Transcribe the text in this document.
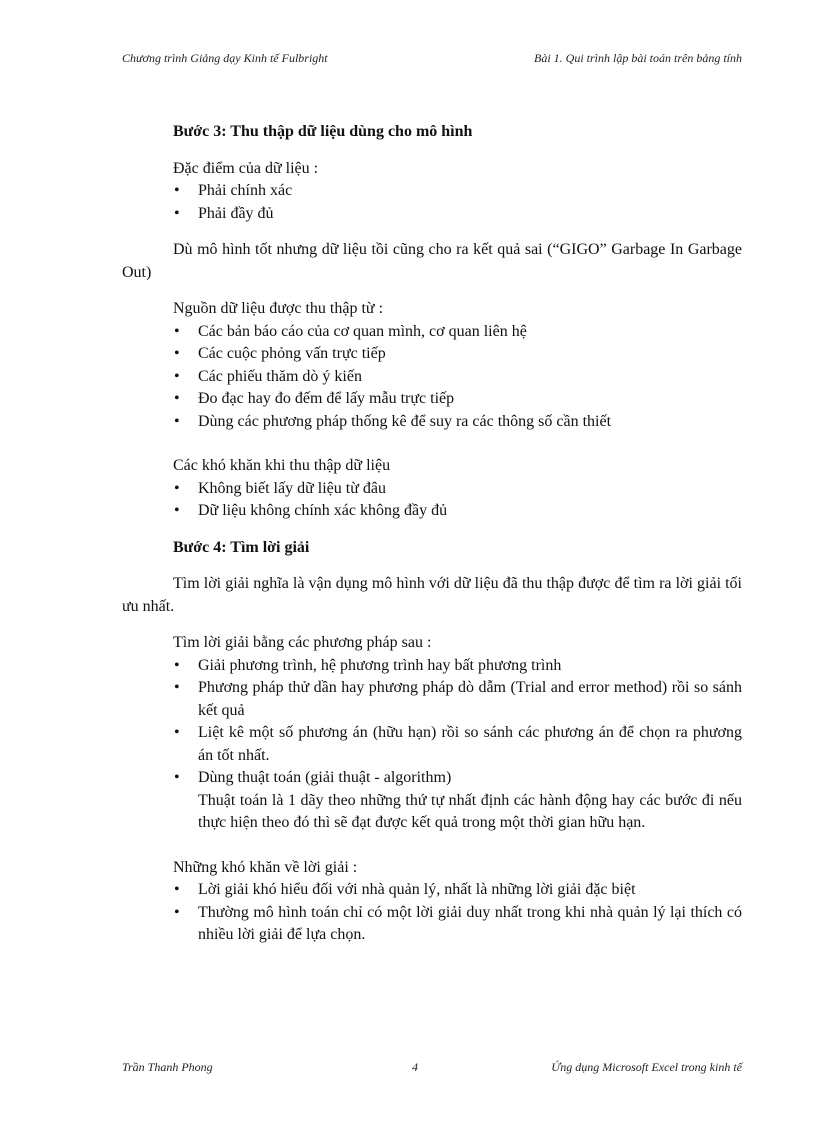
Chương trình Giảng dạy Kinh tế Fulbright	Bài 1. Qui trình lập bài toán trên bảng tính

Bước 3: Thu thập dữ liệu dùng cho mô hình

Đặc điểm của dữ liệu :

• Phải chính xác
• Phải đầy đủ

Dù mô hình tốt nhưng dữ liệu tồi cũng cho ra kết quả sai (“GIGO” Garbage In Garbage Out)

Nguồn dữ liệu được thu thập từ :

• Các bản báo cáo của cơ quan mình, cơ quan liên hệ
• Các cuộc phỏng vấn trực tiếp
• Các phiếu thăm dò ý kiến
• Đo đạc hay đo đếm để lấy mẫu trực tiếp
• Dùng các phương pháp thống kê để suy ra các thông số cần thiết

Các khó khăn khi thu thập dữ liệu

• Không biết lấy dữ liệu từ đâu
• Dữ liệu không chính xác không đầy đủ

Bước 4: Tìm lời giải

Tìm lời giải nghĩa là vận dụng mô hình với dữ liệu đã thu thập được để tìm ra lời giải tối ưu nhất.

Tìm lời giải bằng các phương pháp sau :

• Giải phương trình, hệ phương trình hay bất phương trình
• Phương pháp thử dần hay phương pháp dò dẫm (Trial and error method) rồi so sánh kết quả
• Liệt kê một số phương án (hữu hạn) rồi so sánh các phương án để chọn ra phương án tốt nhất.
• Dùng thuật toán (giải thuật - algorithm)
Thuật toán là 1 dãy theo những thứ tự nhất định các hành động hay các bước đi nếu thực hiện theo đó thì sẽ đạt được kết quả trong một thời gian hữu hạn.

Những khó khăn về lời giải :

• Lời giải khó hiểu đối với nhà quản lý, nhất là những lời giải đặc biệt
• Thường mô hình toán chỉ có một lời giải duy nhất trong khi nhà quản lý lại thích có nhiều lời giải để lựa chọn.
Trần Thanh Phong	4	Ứng dụng Microsoft Excel trong kinh tế
